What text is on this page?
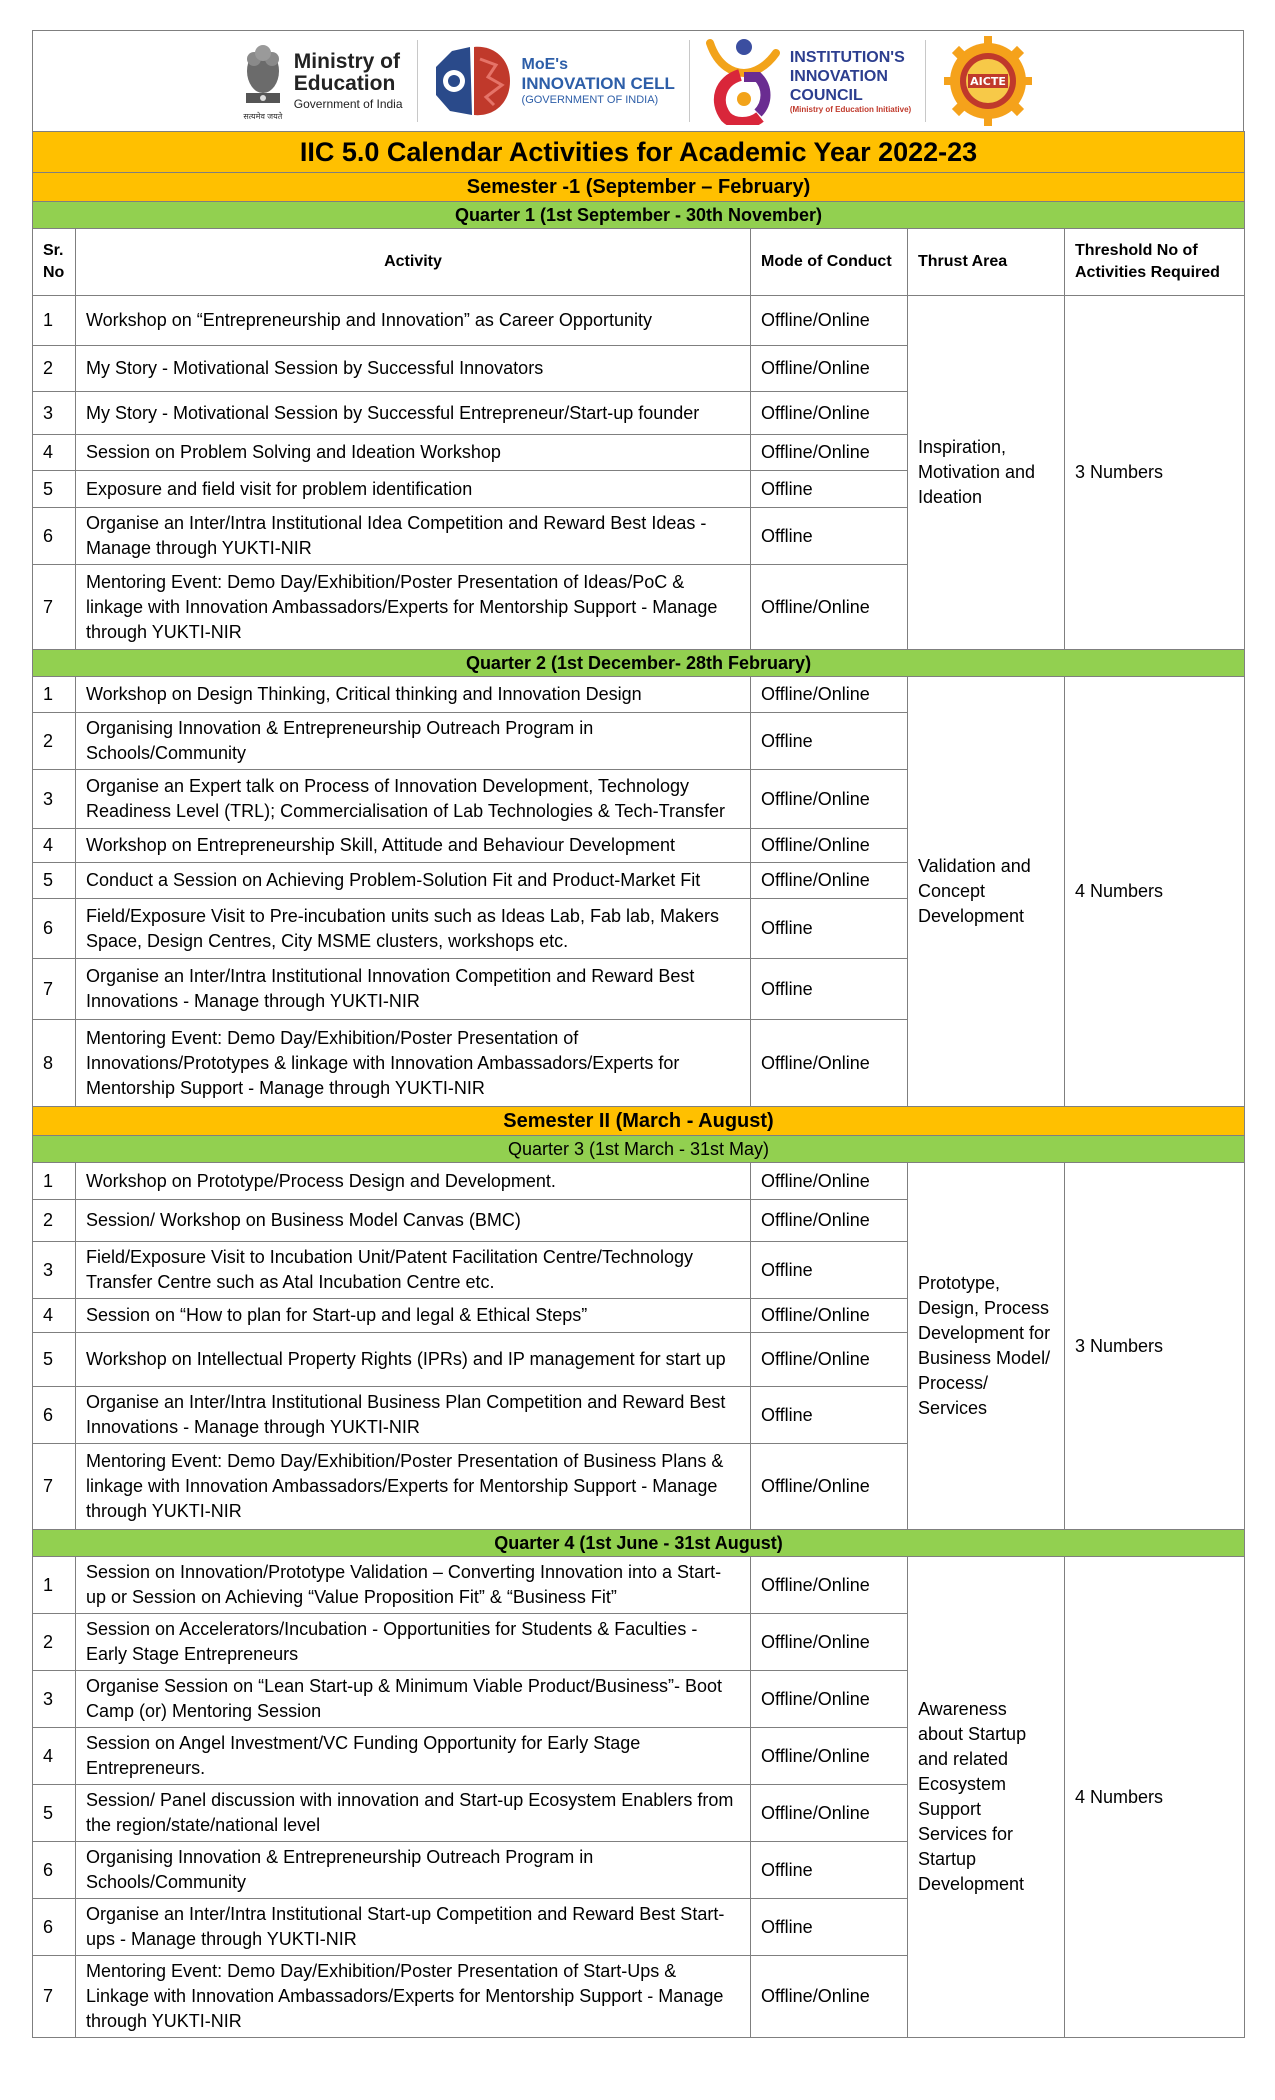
सत्यमेव जयते
Ministry of
Education
Government of India
MoE's
INNOVATION CELL
(GOVERNMENT OF INDIA)
INSTITUTION'S
INNOVATION
COUNCIL
(Ministry of Education Initiative)
AICTE
IIC 5.0 Calendar Activities for Academic Year 2022-23				
Semester -1 (September – February)				
Quarter 1 (1st September - 30th November)				
Sr. No	Activity	Mode of Conduct	Thrust Area	Threshold No of Activities Required
1	Workshop on “Entrepreneurship and Innovation” as Career Opportunity	Offline/Online	Inspiration, Motivation and Ideation	3 Numbers
2	My Story - Motivational Session by Successful Innovators	Offline/Online		
3	My Story - Motivational Session by Successful Entrepreneur/Start-up founder	Offline/Online		
4	Session on Problem Solving and Ideation Workshop	Offline/Online		
5	Exposure and field visit for problem identification	Offline		
6	Organise an Inter/Intra Institutional Idea Competition and Reward Best Ideas - Manage through YUKTI-NIR	Offline		
7	Mentoring Event: Demo Day/Exhibition/Poster Presentation of Ideas/PoC & linkage with Innovation Ambassadors/Experts for Mentorship Support - Manage through YUKTI-NIR	Offline/Online		
Quarter 2 (1st December- 28th February)				
1	Workshop on Design Thinking, Critical thinking and Innovation Design	Offline/Online	Validation and Concept Development	4 Numbers
2	Organising Innovation & Entrepreneurship Outreach Program in Schools/Community	Offline		
3	Organise an Expert talk on Process of Innovation Development, Technology Readiness Level (TRL); Commercialisation of Lab Technologies & Tech-Transfer	Offline/Online		
4	Workshop on Entrepreneurship Skill, Attitude and Behaviour Development	Offline/Online		
5	Conduct a Session on Achieving Problem-Solution Fit and Product-Market Fit	Offline/Online		
6	Field/Exposure Visit to Pre-incubation units such as Ideas Lab, Fab lab, Makers Space, Design Centres, City MSME clusters, workshops etc.	Offline		
7	Organise an Inter/Intra Institutional Innovation Competition and Reward Best Innovations - Manage through YUKTI-NIR	Offline		
8	Mentoring Event: Demo Day/Exhibition/Poster Presentation of Innovations/Prototypes & linkage with Innovation Ambassadors/Experts for Mentorship Support - Manage through YUKTI-NIR	Offline/Online		
Semester II (March - August)				
Quarter 3 (1st March - 31st May)				
1	Workshop on Prototype/Process Design and Development.	Offline/Online	Prototype, Design, Process Development for Business Model/ Process/ Services	3 Numbers
2	Session/ Workshop on Business Model Canvas (BMC)	Offline/Online		
3	Field/Exposure Visit to Incubation Unit/Patent Facilitation Centre/Technology Transfer Centre such as Atal Incubation Centre etc.	Offline		
4	Session on “How to plan for Start-up and legal & Ethical Steps”	Offline/Online		
5	Workshop on Intellectual Property Rights (IPRs) and IP management for start up	Offline/Online		
6	Organise an Inter/Intra Institutional Business Plan Competition and Reward Best Innovations - Manage through YUKTI-NIR	Offline		
7	Mentoring Event: Demo Day/Exhibition/Poster Presentation of Business Plans & linkage with Innovation Ambassadors/Experts for Mentorship Support - Manage through YUKTI-NIR	Offline/Online		
Quarter 4 (1st June - 31st August)				
1	Session on Innovation/Prototype Validation – Converting Innovation into a Start-up or Session on Achieving “Value Proposition Fit” & “Business Fit”	Offline/Online	Awareness about Startup and related Ecosystem Support Services for Startup Development	4 Numbers
2	Session on Accelerators/Incubation - Opportunities for Students & Faculties - Early Stage Entrepreneurs	Offline/Online		
3	Organise Session on “Lean Start-up & Minimum Viable Product/Business”- Boot Camp (or) Mentoring Session	Offline/Online		
4	Session on Angel Investment/VC Funding Opportunity for Early Stage Entrepreneurs.	Offline/Online		
5	Session/ Panel discussion with innovation and Start-up Ecosystem Enablers from the region/state/national level	Offline/Online		
6	Organising Innovation & Entrepreneurship Outreach Program in Schools/Community	Offline		
6	Organise an Inter/Intra Institutional Start-up Competition and Reward Best Start-ups - Manage through YUKTI-NIR	Offline		
7	Mentoring Event: Demo Day/Exhibition/Poster Presentation of Start-Ups & Linkage with Innovation Ambassadors/Experts for Mentorship Support - Manage through YUKTI-NIR	Offline/Online		
